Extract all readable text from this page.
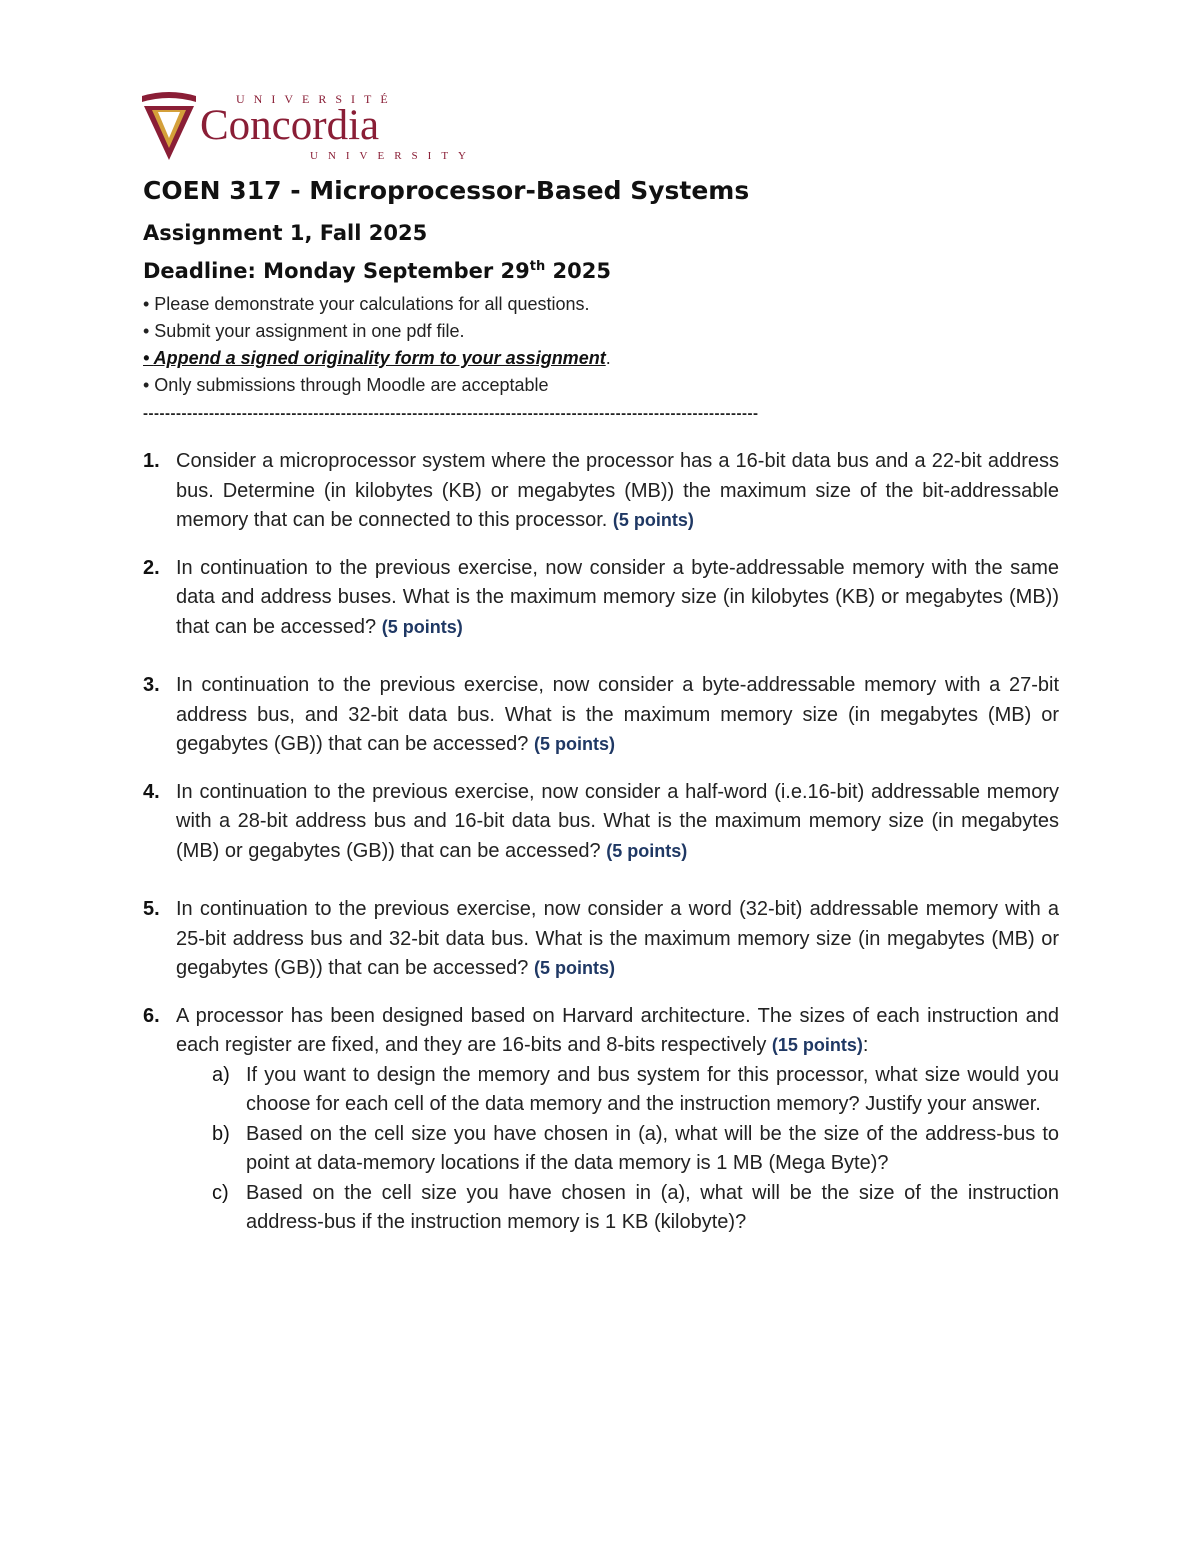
UNIVERSITÉ
Concordia
UNIVERSITY
COEN 317 - Microprocessor-Based Systems
Assignment 1, Fall 2025
Deadline: Monday September 29th 2025
• Please demonstrate your calculations for all questions.
• Submit your assignment in one pdf file.
• Append a signed originality form to your assignment.
• Only submissions through Moodle are acceptable
----------------------------------------------------------------------------------------------------------------
1. Consider a microprocessor system where the processor has a 16-bit data bus and a 22-bit address bus. Determine (in kilobytes (KB) or megabytes (MB)) the maximum size of the bit-addressable memory that can be connected to this processor. (5 points)
2. In continuation to the previous exercise, now consider a byte-addressable memory with the same data and address buses. What is the maximum memory size (in kilobytes (KB) or megabytes (MB)) that can be accessed? (5 points)
3. In continuation to the previous exercise, now consider a byte-addressable memory with a 27-bit address bus, and 32-bit data bus. What is the maximum memory size (in megabytes (MB) or gegabytes (GB)) that can be accessed? (5 points)
4. In continuation to the previous exercise, now consider a half-word (i.e.16-bit) addressable memory with a 28-bit address bus and 16-bit data bus. What is the maximum memory size (in megabytes (MB) or gegabytes (GB)) that can be accessed? (5 points)
5. In continuation to the previous exercise, now consider a word (32-bit) addressable memory with a 25-bit address bus and 32-bit data bus. What is the maximum memory size (in megabytes (MB) or gegabytes (GB)) that can be accessed? (5 points)
6. A processor has been designed based on Harvard architecture. The sizes of each instruction and each register are fixed, and they are 16-bits and 8-bits respectively (15 points):
a) If you want to design the memory and bus system for this processor, what size would you choose for each cell of the data memory and the instruction memory? Justify your answer.
b) Based on the cell size you have chosen in (a), what will be the size of the address-bus to point at data-memory locations if the data memory is 1 MB (Mega Byte)?
c) Based on the cell size you have chosen in (a), what will be the size of the instruction address-bus if the instruction memory is 1 KB (kilobyte)?
